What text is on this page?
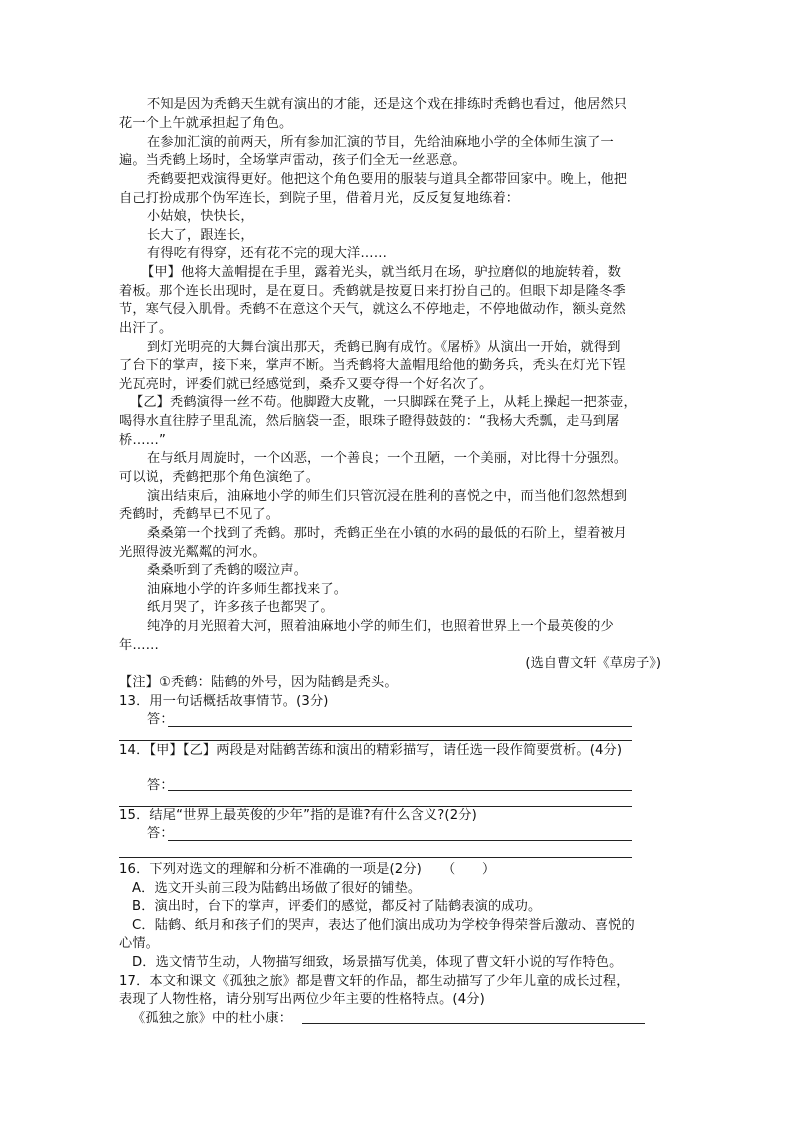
不知是因为秃鹤天生就有演出的才能，还是这个戏在排练时秃鹤也看过，他居然只
花一个上午就承担起了角色。
在参加汇演的前两天，所有参加汇演的节目，先给油麻地小学的全体师生演了一
遍。当秃鹤上场时，全场掌声雷动，孩子们全无一丝恶意。
秃鹤要把戏演得更好。他把这个角色要用的服装与道具全都带回家中。晚上，他把
自己打扮成那个伪军连长，到院子里，借着月光，反反复复地练着：
小姑娘，快快长，
长大了，跟连长，
有得吃有得穿，还有花不完的现大洋……
【甲】他将大盖帽提在手里，露着光头，就当纸月在场，驴拉磨似的地旋转着，数
着板。那个连长出现时，是在夏日。秃鹤就是按夏日来打扮自己的。但眼下却是隆冬季
节，寒气侵入肌骨。秃鹤不在意这个天气，就这么不停地走，不停地做动作，额头竟然
出汗了。
到灯光明亮的大舞台演出那天，秃鹤已胸有成竹。《屠桥》从演出一开始，就得到
了台下的掌声，接下来，掌声不断。当秃鹤将大盖帽甩给他的勤务兵，秃头在灯光下锃
光瓦亮时，评委们就已经感觉到，桑乔又要夺得一个好名次了。
【乙】秃鹤演得一丝不苟。他脚蹬大皮靴，一只脚踩在凳子上，从耗上操起一把茶壶，
喝得水直往脖子里乱流，然后脑袋一歪，眼珠子瞪得鼓鼓的：“我杨大秃瓢，走马到屠
桥……”
在与纸月周旋时，一个凶恶，一个善良；一个丑陋，一个美丽，对比得十分强烈。
可以说，秃鹤把那个角色演绝了。
演出结束后，油麻地小学的师生们只管沉浸在胜利的喜悦之中，而当他们忽然想到
秃鹤时，秃鹤早已不见了。
桑桑第一个找到了秃鹤。那时，秃鹤正坐在小镇的水码的最低的石阶上，望着被月
光照得波光粼粼的河水。
桑桑听到了秃鹤的啜泣声。
油麻地小学的许多师生都找来了。
纸月哭了，许多孩子也都哭了。
纯净的月光照着大河，照着油麻地小学的师生们，也照着世界上一个最英俊的少
年……
(选自曹文轩《草房子》)
【注】①秃鹤：陆鹤的外号，因为陆鹤是秃头。
13．用一句话概括故事情节。(3分)
答：
14．【甲】【乙】两段是对陆鹤苦练和演出的精彩描写，请任选一段作简要赏析。(4分)
答：
15．结尾“世界上最英俊的少年”指的是谁?有什么含义?(2分)
答：
16．下列对选文的理解和分析不准确的一项是(2分)　　（　　）
A．选文开头前三段为陆鹤出场做了很好的铺垫。
B．演出时，台下的掌声，评委们的感觉，都反衬了陆鹤表演的成功。
C．陆鹤、纸月和孩子们的哭声，表达了他们演出成功为学校争得荣誉后激动、喜悦的
心情。
D．选文情节生动，人物描写细致，场景描写优美，体现了曹文轩小说的写作特色。
17．本文和课文《孤独之旅》都是曹文轩的作品，都生动描写了少年儿童的成长过程，
表现了人物性格，请分别写出两位少年主要的性格特点。(4分)
《孤独之旅》中的杜小康：
